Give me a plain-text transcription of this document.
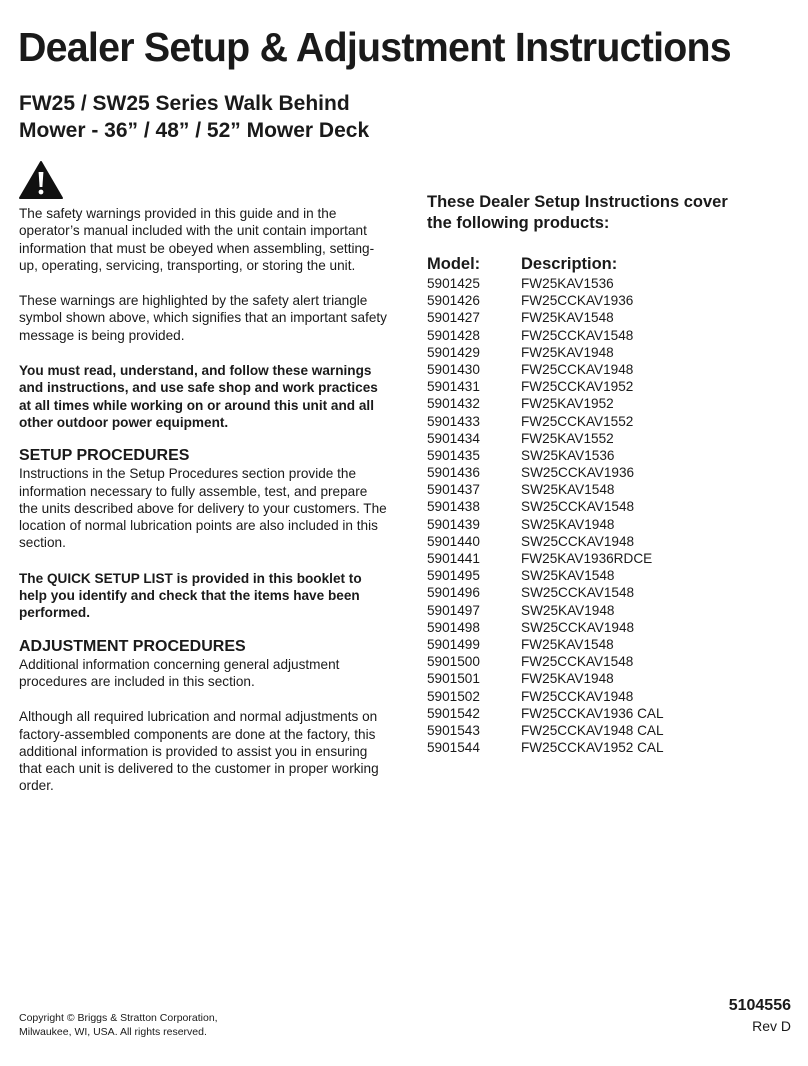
Dealer Setup & Adjustment Instructions
FW25 / SW25 Series Walk Behind
Mower - 36” / 48” / 52” Mower Deck

The safety warnings provided in this guide and in the operator’s manual included with the unit contain important information that must be obeyed when assembling, setting-up, operating, servicing, transporting, or storing the unit.

These warnings are highlighted by the safety alert triangle symbol shown above, which signifies that an important safety message is being provided.

You must read, understand, and follow these warnings and instructions, and use safe shop and work practices at all times while working on or around this unit and all other outdoor power equipment.

SETUP PROCEDURES

Instructions in the Setup Procedures section provide the information necessary to fully assemble, test, and prepare the units described above for delivery to your customers. The location of normal lubrication points are also included in this section.

The QUICK SETUP LIST is provided in this booklet to help you identify and check that the items have been performed.

ADJUSTMENT PROCEDURES

Additional information concerning general adjustment procedures are included in this section.

Although all required lubrication and normal adjustments on factory-assembled components are done at the factory, this additional information is provided to assist you in ensuring that each unit is delivered to the customer in proper working order.

These Dealer Setup Instructions cover
the following products:
Model:	Description:
5901425	FW25KAV1536
5901426	FW25CCKAV1936
5901427	FW25KAV1548
5901428	FW25CCKAV1548
5901429	FW25KAV1948
5901430	FW25CCKAV1948
5901431	FW25CCKAV1952
5901432	FW25KAV1952
5901433	FW25CCKAV1552
5901434	FW25KAV1552
5901435	SW25KAV1536
5901436	SW25CCKAV1936
5901437	SW25KAV1548
5901438	SW25CCKAV1548
5901439	SW25KAV1948
5901440	SW25CCKAV1948
5901441	FW25KAV1936RDCE
5901495	SW25KAV1548
5901496	SW25CCKAV1548
5901497	SW25KAV1948
5901498	SW25CCKAV1948
5901499	FW25KAV1548
5901500	FW25CCKAV1548
5901501	FW25KAV1948
5901502	FW25CCKAV1948
5901542	FW25CCKAV1936 CAL
5901543	FW25CCKAV1948 CAL
5901544	FW25CCKAV1952 CAL
Copyright © Briggs & Stratton Corporation,
Milwaukee, WI, USA. All rights reserved.
5104556
Rev D
